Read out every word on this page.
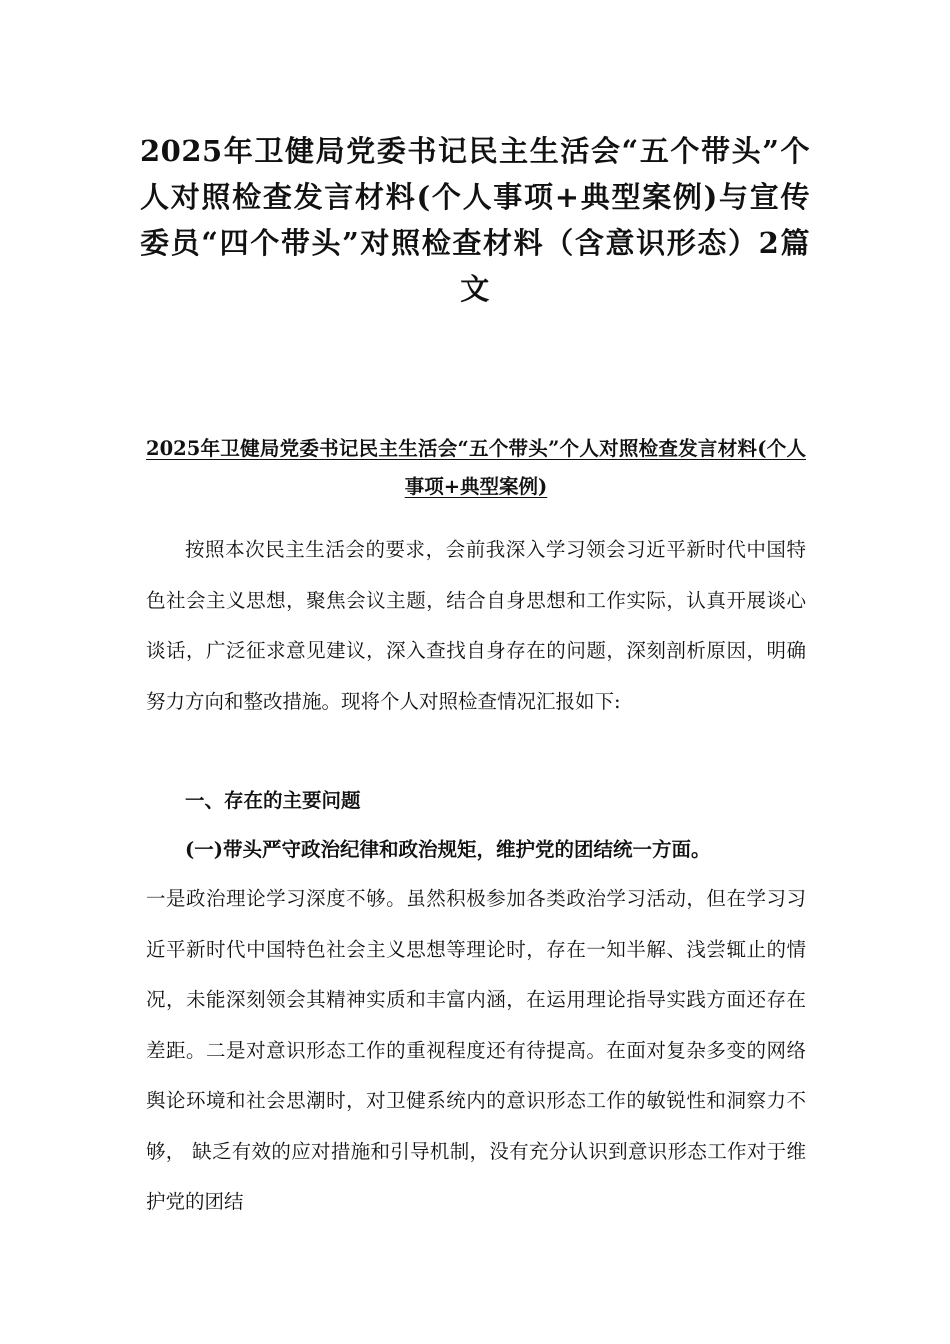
2025年卫健局党委书记民主生活会“五个带头”个人对照检查发言材料(个人事项+典型案例)与宣传委员“四个带头”对照检查材料（含意识形态）2篇文
2025年卫健局党委书记民主生活会“五个带头”个人对照检查发言材料(个人事项+典型案例)

按照本次民主生活会的要求，会前我深入学习领会习近平新时代中国特色社会主义思想，聚焦会议主题，结合自身思想和工作实际，认真开展谈心谈话，广泛征求意见建议，深入查找自身存在的问题，深刻剖析原因，明确努力方向和整改措施。现将个人对照检查情况汇报如下:

一、存在的主要问题

(一)带头严守政治纪律和政治规矩，维护党的团结统一方面。

一是政治理论学习深度不够。虽然积极参加各类政治学习活动，但在学习习近平新时代中国特色社会主义思想等理论时，存在一知半解、浅尝辄止的情况，未能深刻领会其精神实质和丰富内涵，在运用理论指导实践方面还存在差距。二是对意识形态工作的重视程度还有待提高。在面对复杂多变的网络舆论环境和社会思潮时，对卫健系统内的意识形态工作的敏锐性和洞察力不够， 缺乏有效的应对措施和引导机制，没有充分认识到意识形态工作对于维护党的团结
